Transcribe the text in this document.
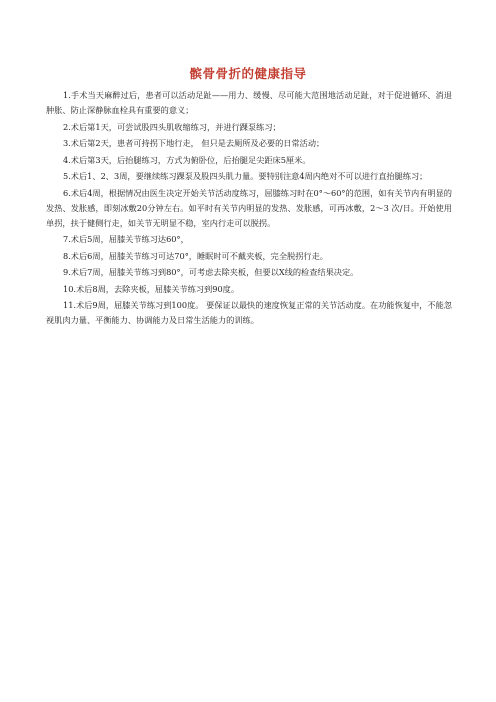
髌骨骨折的健康指导

1.手术当天麻醉过后，患者可以活动足趾——用力、缓慢、尽可能大范围地活动足趾，对于促进循环、消退肿胀、防止深静脉血栓具有重要的意义；

2.术后第1天，可尝试股四头肌收缩练习，并进行踝泵练习；

3.术后第2天，患者可持拐下地行走， 但只是去厕所及必要的日常活动；

4.术后第3天，后抬腿练习，方式为俯卧位，后抬腿足尖距床5厘米。

5.术后1、2、3周，要继续练习踝泵及股四头肌力量。要特别注意4周内绝对不可以进行直抬腿练习；

6.术后4周，根据情况由医生决定开始关节活动度练习，屈膝练习时在0°～60°的范围，如有关节内有明显的发热、发胀感，即刻冰敷20分钟左右。如平时有关节内明显的发热、发胀感，可再冰敷，2～3 次/日。开始使用单拐，扶于健侧行走，如关节无明显不稳，室内行走可以脱拐。

7.术后5周，屈膝关节练习达60°，

8.术后6周，屈膝关节练习可达70°，睡眠时可不戴夹板，完全脱拐行走。

9.术后7周，屈膝关节练习到80°，可考虑去除夹板，但要以X线的检查结果决定。

10.术后8周，去除夹板，屈膝关节练习到90度。

11.术后9周，屈膝关节练习到100度。 要保证以最快的速度恢复正常的关节活动度。在功能恢复中，不能忽视肌肉力量、平衡能力、协调能力及日常生活能力的训练。
